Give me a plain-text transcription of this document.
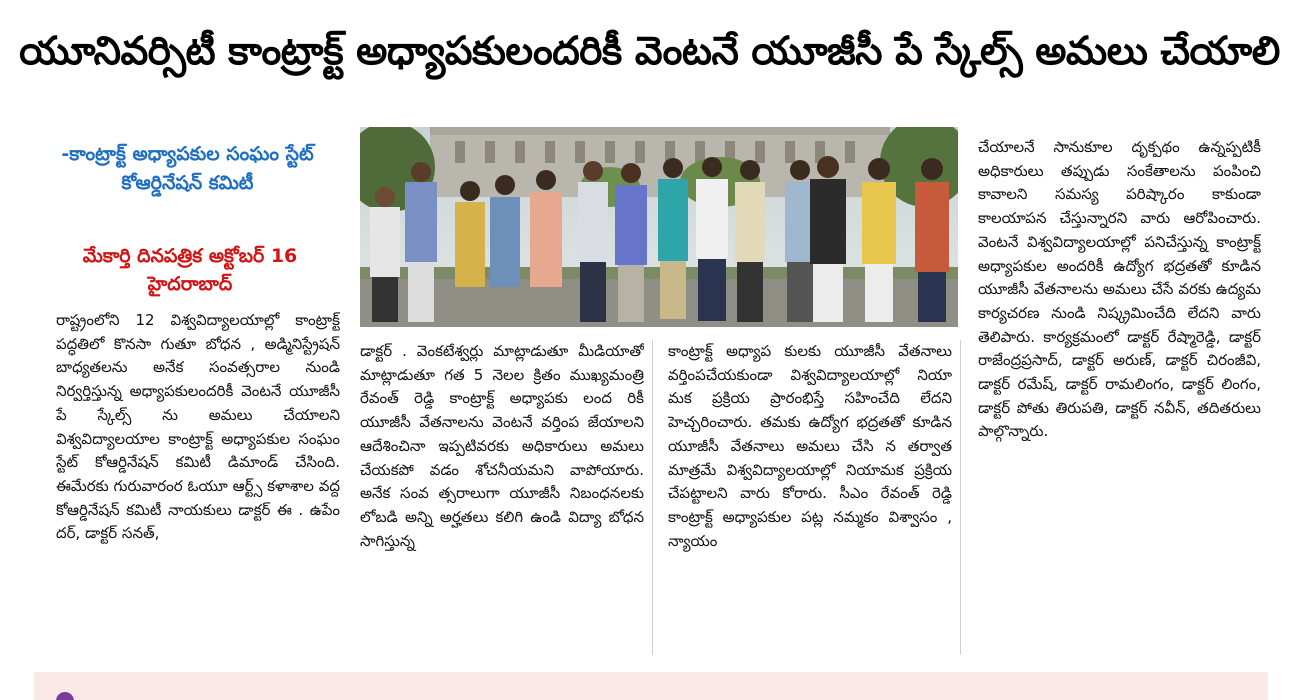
యూనివర్సిటీ కాంట్రాక్ట్ అధ్యాపకులందరికీ వెంటనే యూజీసీ పే స్కేల్స్ అమలు చేయాలి
-కాంట్రాక్ట్ అధ్యాపకుల సంఘం స్టేట్ కోఆర్డినేషన్ కమిటీ
మేకార్తి దినపత్రిక అక్టోబర్ 16 హైదరాబాద్
రాష్ట్రంలోని 12 విశ్వవిద్యాలయాల్లో కాంట్రాక్ట్ పద్ధతిలో కొనసా గుతూ బోధన , అడ్మినిస్ట్రేషన్ బాధ్యతలను అనేక సంవత్సరాల నుండి నిర్వర్తిస్తున్న అధ్యాపకులందరికీ వెంటనే యూజీసీ పే స్కేల్స్ ను అమలు చేయాలని విశ్వవిద్యాలయాల కాంట్రాక్ట్ అధ్యాపకుల సంఘం స్టేట్ కోఆర్డినేషన్ కమిటీ డిమాండ్ చేసింది. ఈమేరకు గురువారంర ఓయూ ఆర్ట్స్ కళాశాల వద్ద కోఆర్డినేషన్ కమిటీ నాయకులు డాక్టర్ ఈ . ఉపేం దర్, డాక్టర్ సనత్,
డాక్టర్ . వెంకటేశ్వర్లు మాట్లాడుతూ మీడియాతో మాట్లాడుతూ గత 5 నెలల క్రితం ముఖ్యమంత్రి రేవంత్ రెడ్డి కాంట్రాక్ట్ అధ్యాపకు లంద రికీ యూజీసీ వేతనాలను వెంటనే వర్తింప జేయాలని ఆదేశించినా ఇప్పటివరకు అధికారులు అమలు చేయకపో వడం శోచనీయమని వాపోయారు. అనేక సంవ త్సరాలుగా యూజీసీ నిబంధనలకు లోబడి అన్ని అర్హతలు కలిగి ఉండి విద్యా బోధన సాగిస్తున్న
కాంట్రాక్ట్ అధ్యాప కులకు యూజీసీ వేతనాలు వర్తింపచేయకుండా విశ్వవిద్యాలయాల్లో నియా మక ప్రక్రియ ప్రారంభిస్తే సహించేది లేదని హెచ్చరించారు. తమకు ఉద్యోగ భద్రతతో కూడిన యూజీసీ వేతనాలు అమలు చేసి న తర్వాత మాత్రమే విశ్వవిద్యాలయాల్లో నియామక ప్రక్రియ చేపట్టాలని వారు కోరారు. సీఎం రేవంత్ రెడ్డి కాంట్రాక్ట్ అధ్యాపకుల పట్ల నమ్మకం విశ్వాసం , న్యాయం
చేయాలనే సానుకూల దృక్పథం ఉన్నప్పటికీ అధికారులు తప్పుడు సంకేతాలను పంపించి కావాలని సమస్య పరిష్కారం కాకుండా కాలయాపన చేస్తున్నారని వారు ఆరోపించారు. వెంటనే విశ్వవిద్యాలయాల్లో పనిచేస్తున్న కాంట్రాక్ట్ అధ్యాపకుల అందరికీ ఉద్యోగ భద్రతతో కూడిన యూజీసీ వేతనాలను అమలు చేసే వరకు ఉద్యమ కార్యచరణ నుండి నిష్క్రమించేది లేదని వారు తెలిపారు. కార్యక్రమంలో డాక్టర్ రేష్మారెడ్డి, డాక్టర్ రాజేంద్రప్రసాద్, డాక్టర్ అరుణ్, డాక్టర్ చిరంజీవి, డాక్టర్ రమేష్, డాక్టర్ రామలింగం, డాక్టర్ లింగం, డాక్టర్ పోతు తిరుపతి, డాక్టర్ నవీన్, తదితరులు పాల్గొన్నారు.
